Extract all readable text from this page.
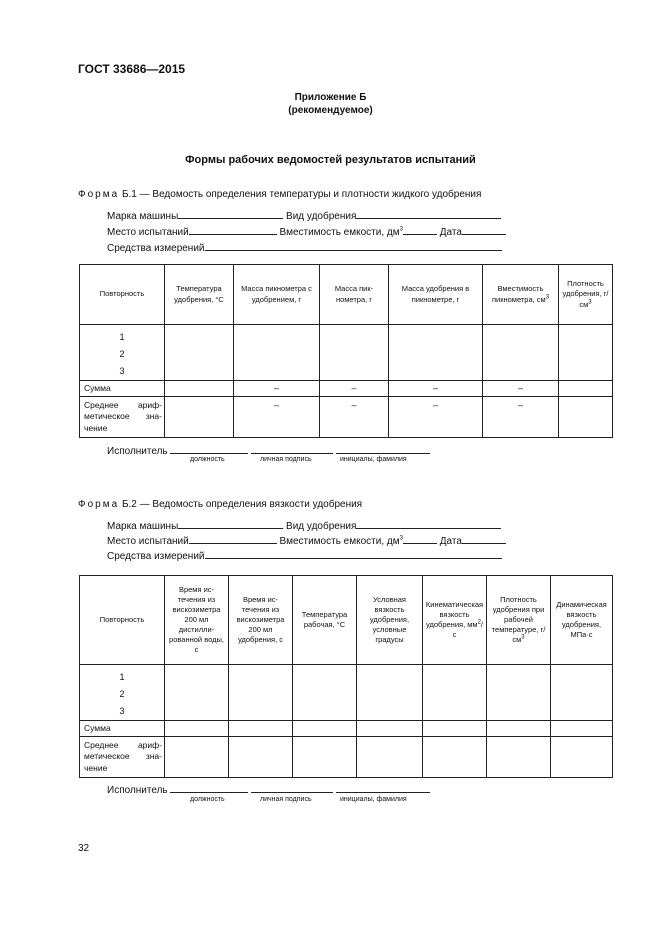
ГОСТ 33686—2015
Приложение Б
(рекомендуемое)
Формы рабочих ведомостей результатов испытаний
Форма Б.1 — Ведомость определения температуры и плотности жидкого удобрения
Марка машины	Вид удобрения
Место испытаний	Вместимость емкости, $дм^3$	Дата
Средства измерений
Повторность	Температура удобрения, °С	Масса пикнометра с удобрением, г	Масса пикнометра, г	Масса удобрения в пикнометре, г	Вместимость пикнометра, $см^3$	Плотность удобрения, $г/см^3$

1
2
3						

Сумма		–	–	–	–	
Среднее арифметическое значение		–	–	–	–	
Исполнитель
должность	личная подпись	инициалы, фамилия
Форма Б.2 — Ведомость определения вязкости удобрения
Марка машины	Вид удобрения
Место испытаний	Вместимость емкости, $дм^3$	Дата
Средства измерений
Повторность	Время истечения из вискозиметра 200 мл дистиллированной воды, с	Время истечения из вискозиметра 200 мл удобрения, с	Температура рабочая, °С	Условная вязкость удобрения, условные градусы	Кинематическая вязкость удобрения, $мм^2/с$	Плотность удобрения при рабочей температуре, $г/см^3$	Динамическая вязкость удобрения, МПа·с

1
2
3							

Сумма							
Среднее арифметическое значение							
Исполнитель
должность	личная подпись	инициалы, фамилия
32
